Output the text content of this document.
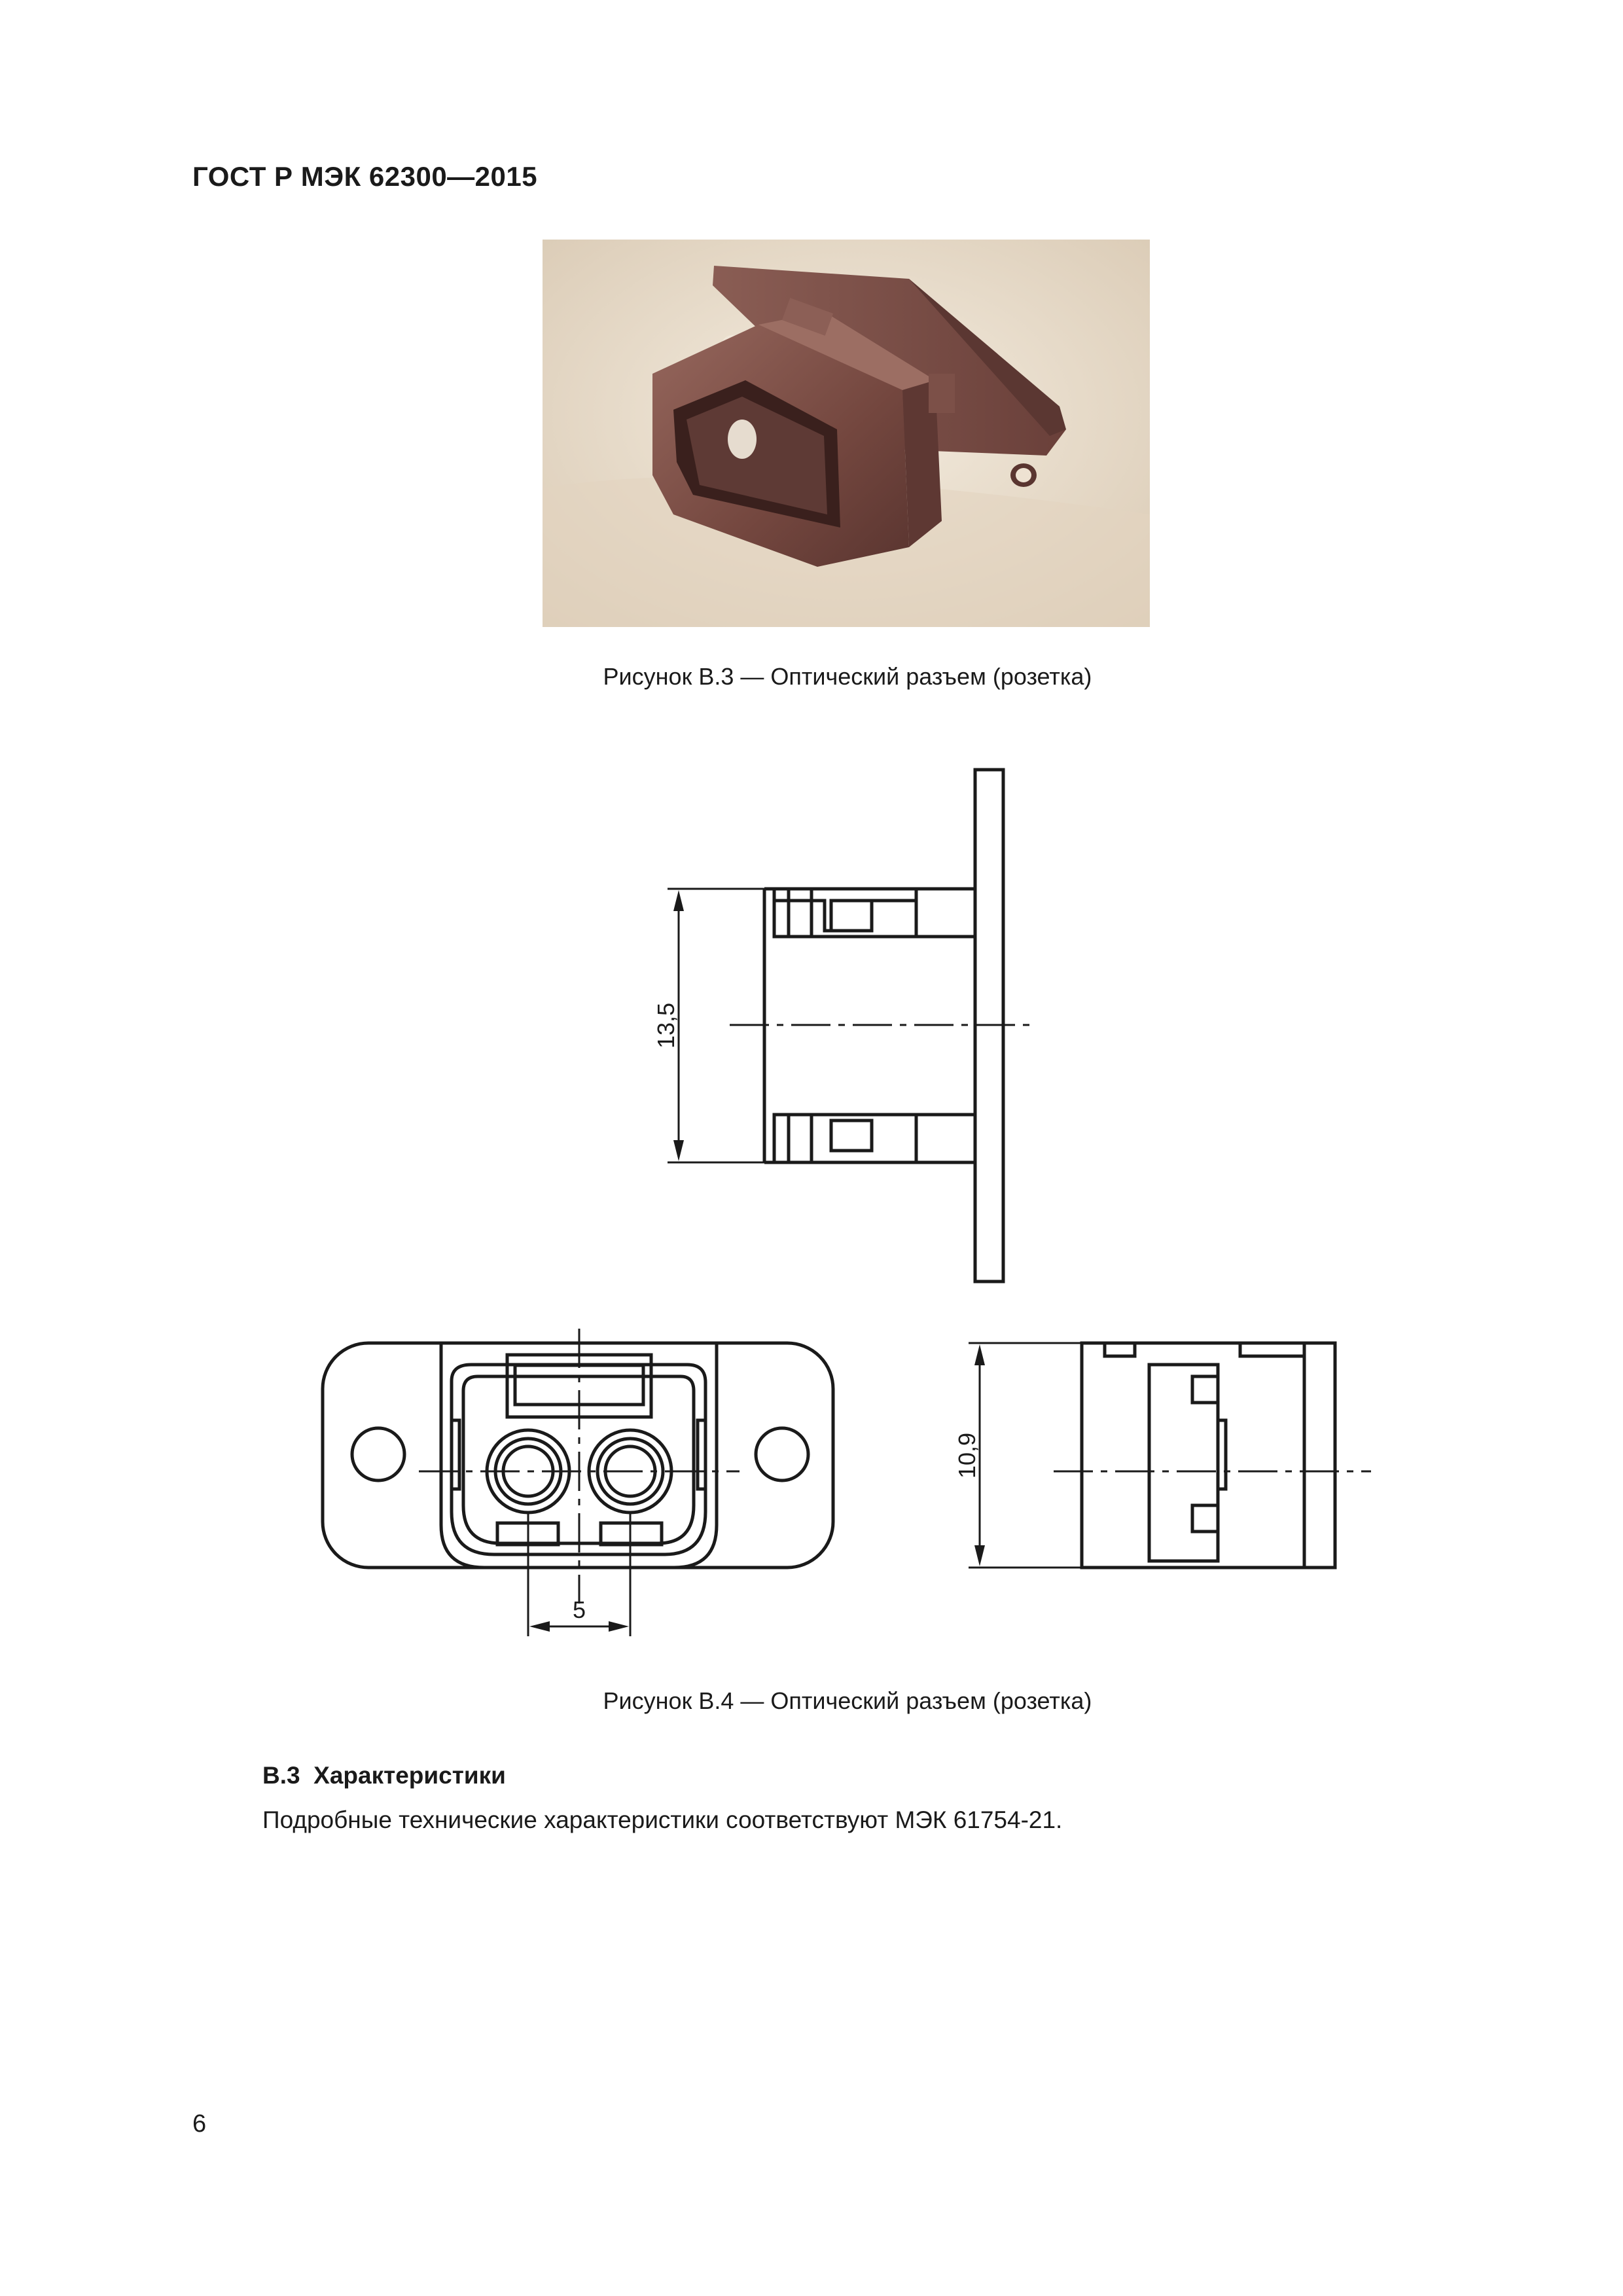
ГОСТ Р МЭК 62300—2015
Рисунок В.3 — Оптический разъем (розетка)
13,5
5
10,9
Рисунок В.4 — Оптический разъем (розетка)
В.3  Характеристики
Подробные технические характеристики соответствуют МЭК 61754-21.
6
